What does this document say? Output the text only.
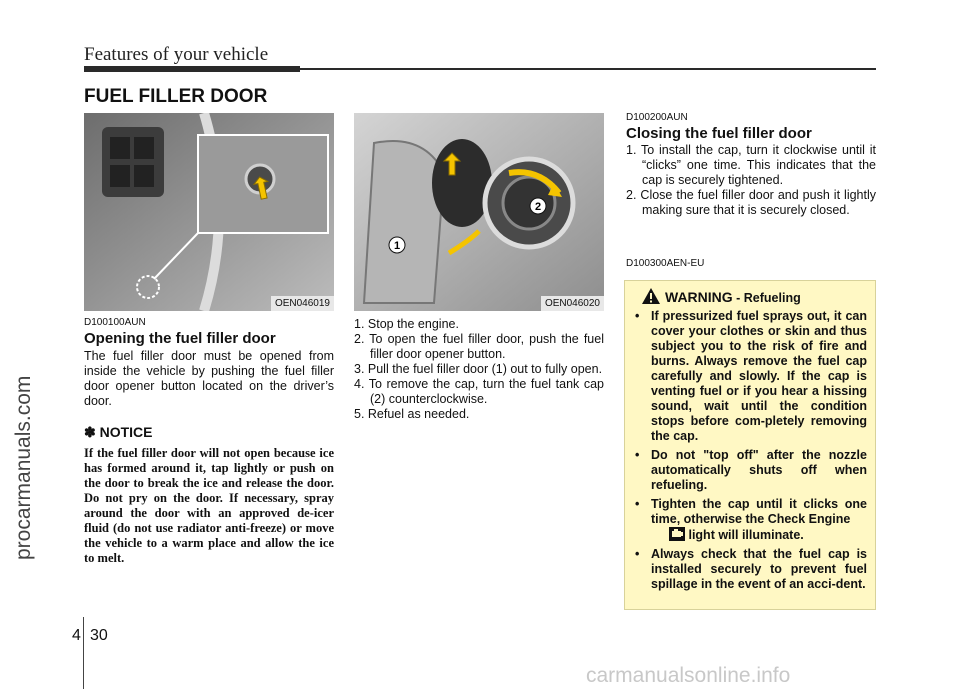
Features of your vehicle
FUEL FILLER DOOR
OEN046019
1
2
OEN046020
D100100AUN
Opening the fuel filler door
The fuel filler door must be opened from inside the vehicle by pushing the fuel filler door opener button located on the driver’s door.
✽ NOTICE
If the fuel filler door will not open because ice has formed around it, tap lightly or push on the door to break the ice and release the door. Do not pry on the door. If necessary, spray around the door with an approved de-icer fluid (do not use radiator anti-freeze) or move the vehicle to a warm place and allow the ice to melt.
1. Stop the engine.
2. To open the fuel filler door, push the fuel filler door opener button.
3. Pull the fuel filler door (1) out to fully open.
4. To remove the cap, turn the fuel tank cap (2) counterclockwise.
5. Refuel as needed.
D100200AUN
Closing the fuel filler door
1. To install the cap, turn it clockwise until it “clicks” one time. This indicates that the cap is securely tightened.
2. Close the fuel filler door and push it lightly making sure that it is securely closed.
D100300AEN-EU
WARNING - Refueling
• If pressurized fuel sprays out, it can cover your clothes or skin and thus subject you to the risk of fire and burns. Always remove the fuel cap carefully and slowly. If the cap is venting fuel or if you hear a hissing sound, wait until the condition stops before com-pletely removing the cap.
• Do not "top off" after the nozzle automatically shuts off when refueling.
• Tighten the cap until it clicks one time, otherwise the Check Engine
light will illuminate.
• Always check that the fuel cap is installed securely to prevent fuel spillage in the event of an acci-dent.
4 30
procarmanuals.com
carmanualsonline.info
